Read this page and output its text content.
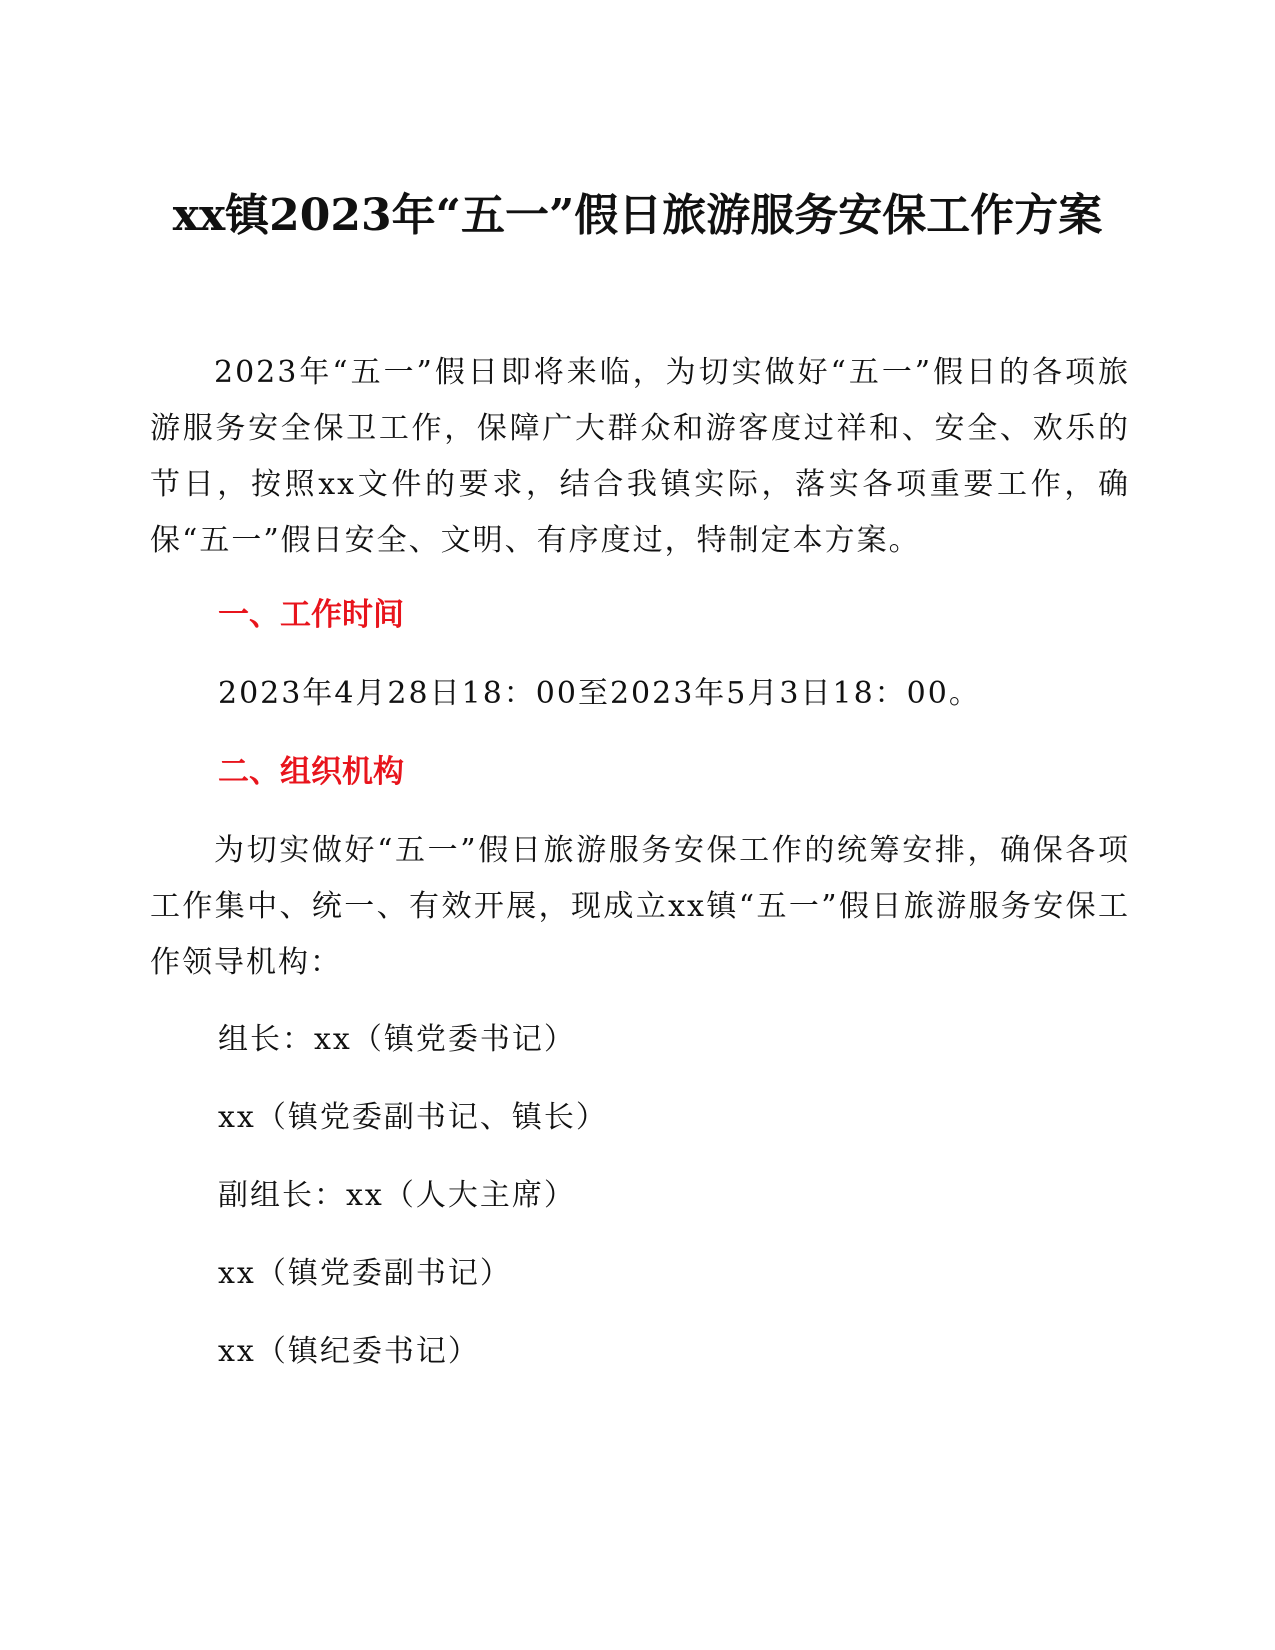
xx镇2023年“五一”假日旅游服务安保工作方案

2023年“五一”假日即将来临，为切实做好“五一”假日的各项旅游服务安全保卫工作，保障广大群众和游客度过祥和、安全、欢乐的节日，按照xx文件的要求，结合我镇实际，落实各项重要工作，确保“五一”假日安全、文明、有序度过，特制定本方案。

一、工作时间

2023年4月28日18：00至2023年5月3日18：00。

二、组织机构

为切实做好“五一”假日旅游服务安保工作的统筹安排，确保各项工作集中、统一、有效开展，现成立xx镇“五一”假日旅游服务安保工作领导机构：

组长：xx（镇党委书记）

xx（镇党委副书记、镇长）

副组长：xx（人大主席）

xx（镇党委副书记）

xx（镇纪委书记）
